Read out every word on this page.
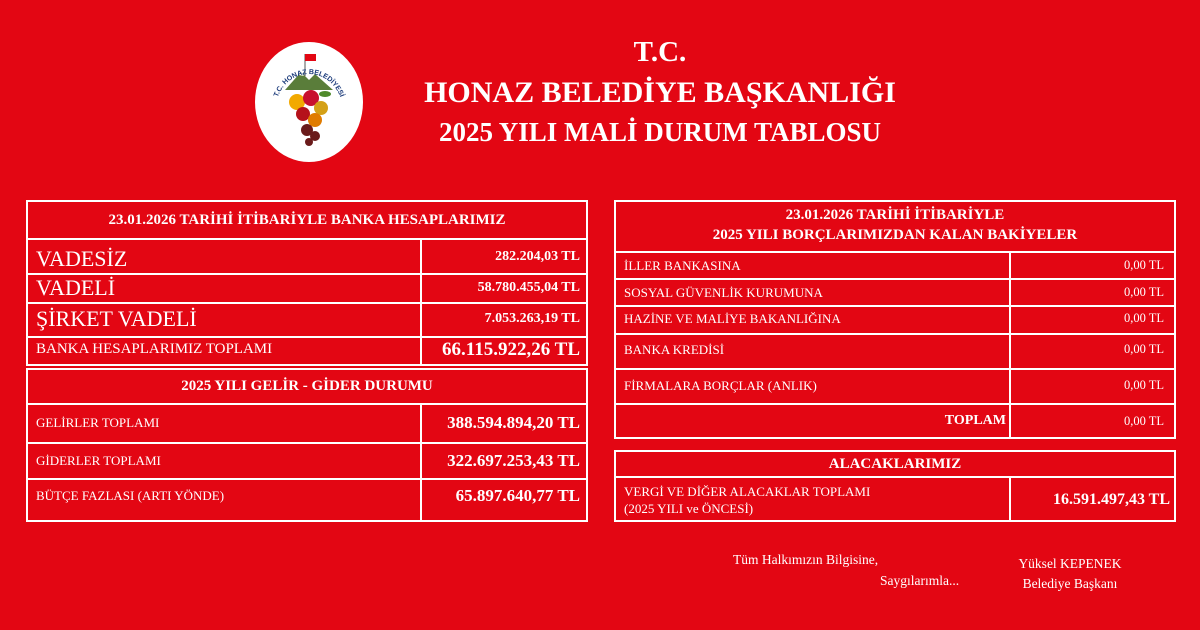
T.C. HONAZ BELEDİYESİ
T.C.
HONAZ BELEDİYE BAŞKANLIĞI
2025 YILI MALİ DURUM TABLOSU
23.01.2026 TARİHİ İTİBARİYLE BANKA HESAPLARIMIZ
VADESİZ	282.204,03 TL
VADELİ	58.780.455,04 TL
ŞİRKET VADELİ	7.053.263,19 TL
BANKA HESAPLARIMIZ TOPLAMI	66.115.922,26 TL
2025 YILI GELİR - GİDER DURUMU
GELİRLER TOPLAMI	388.594.894,20 TL
GİDERLER TOPLAMI	322.697.253,43 TL
BÜTÇE FAZLASI (ARTI YÖNDE)	65.897.640,77 TL
23.01.2026 TARİHİ İTİBARİYLE
2025 YILI BORÇLARIMIZDAN KALAN BAKİYELER
İLLER BANKASINA	0,00 TL
SOSYAL GÜVENLİK KURUMUNA	0,00 TL
HAZİNE VE MALİYE BAKANLIĞINA	0,00 TL
BANKA KREDİSİ	0,00 TL
FİRMALARA BORÇLAR (ANLIK)	0,00 TL
TOPLAM	0,00 TL
ALACAKLARIMIZ
VERGİ VE DİĞER ALACAKLAR TOPLAMI
(2025 YILI ve ÖNCESİ)
16.591.497,43 TL
Tüm Halkımızın Bilgisine,
Saygılarımla...
Yüksel KEPENEK
Belediye Başkanı
